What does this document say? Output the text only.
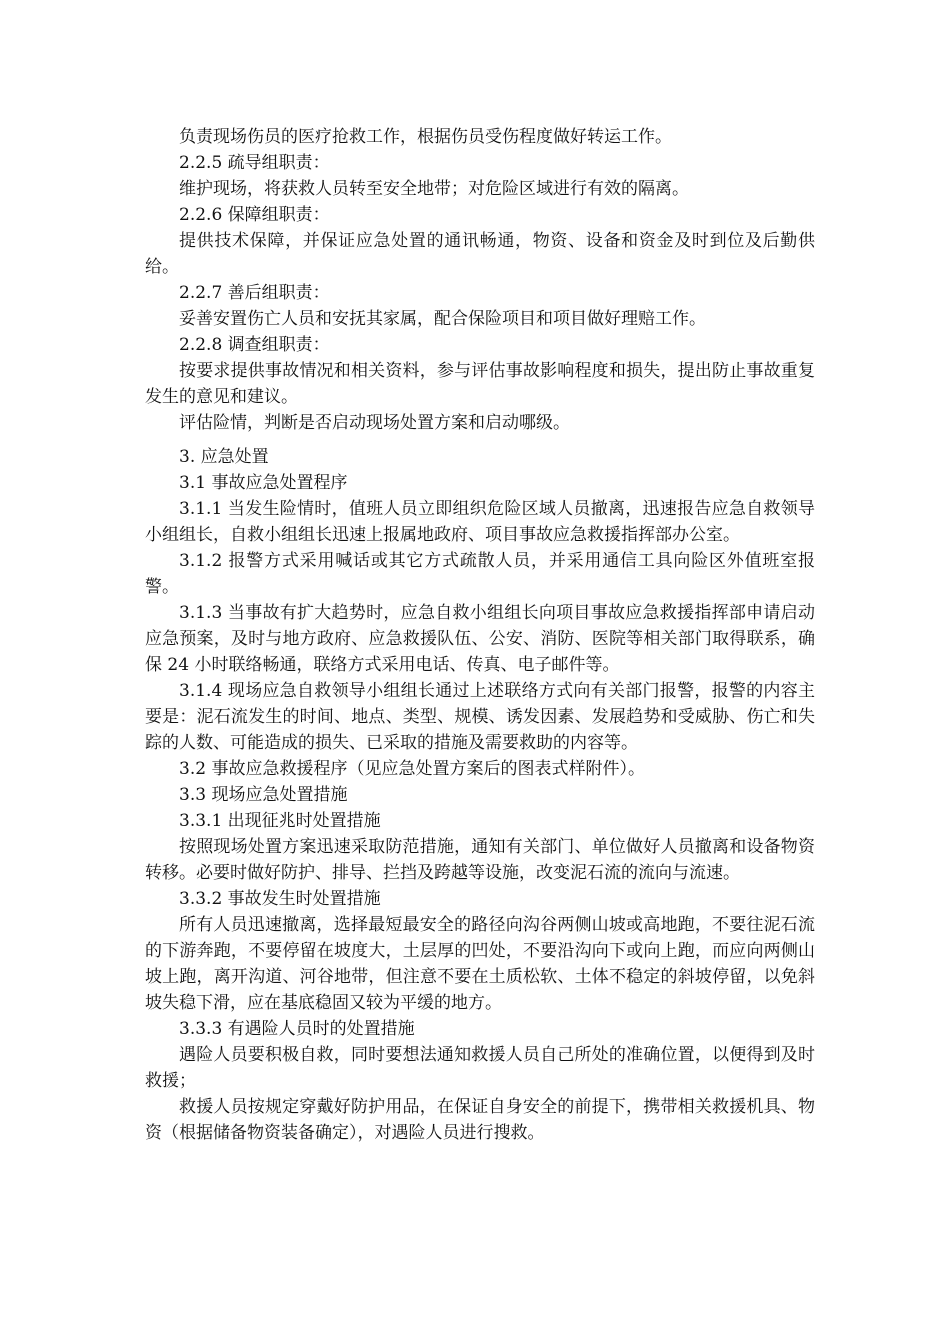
负责现场伤员的医疗抢救工作，根据伤员受伤程度做好转运工作。

2.2.5 疏导组职责：

维护现场，将获救人员转至安全地带；对危险区域进行有效的隔离。

2.2.6 保障组职责：

提供技术保障，并保证应急处置的通讯畅通，物资、设备和资金及时到位及后勤供给。

2.2.7 善后组职责：

妥善安置伤亡人员和安抚其家属，配合保险项目和项目做好理赔工作。

2.2.8 调查组职责：

按要求提供事故情况和相关资料，参与评估事故影响程度和损失，提出防止事故重复发生的意见和建议。

评估险情，判断是否启动现场处置方案和启动哪级。

3. 应急处置

3.1 事故应急处置程序

3.1.1 当发生险情时，值班人员立即组织危险区域人员撤离，迅速报告应急自救领导小组组长，自救小组组长迅速上报属地政府、项目事故应急救援指挥部办公室。

3.1.2 报警方式采用喊话或其它方式疏散人员，并采用通信工具向险区外值班室报警。

3.1.3 当事故有扩大趋势时，应急自救小组组长向项目事故应急救援指挥部申请启动应急预案，及时与地方政府、应急救援队伍、公安、消防、医院等相关部门取得联系，确保 24 小时联络畅通，联络方式采用电话、传真、电子邮件等。

3.1.4 现场应急自救领导小组组长通过上述联络方式向有关部门报警，报警的内容主要是：泥石流发生的时间、地点、类型、规模、诱发因素、发展趋势和受威胁、伤亡和失踪的人数、可能造成的损失、已采取的措施及需要救助的内容等。

3.2 事故应急救援程序（见应急处置方案后的图表式样附件）。

3.3 现场应急处置措施

3.3.1 出现征兆时处置措施

按照现场处置方案迅速采取防范措施，通知有关部门、单位做好人员撤离和设备物资转移。必要时做好防护、排导、拦挡及跨越等设施，改变泥石流的流向与流速。

3.3.2 事故发生时处置措施

所有人员迅速撤离，选择最短最安全的路径向沟谷两侧山坡或高地跑，不要往泥石流的下游奔跑，不要停留在坡度大，土层厚的凹处，不要沿沟向下或向上跑，而应向两侧山坡上跑，离开沟道、河谷地带，但注意不要在土质松软、土体不稳定的斜坡停留，以免斜坡失稳下滑，应在基底稳固又较为平缓的地方。

3.3.3 有遇险人员时的处置措施

遇险人员要积极自救，同时要想法通知救援人员自己所处的准确位置，以便得到及时救援；

救援人员按规定穿戴好防护用品，在保证自身安全的前提下，携带相关救援机具、物资（根据储备物资装备确定），对遇险人员进行搜救。
